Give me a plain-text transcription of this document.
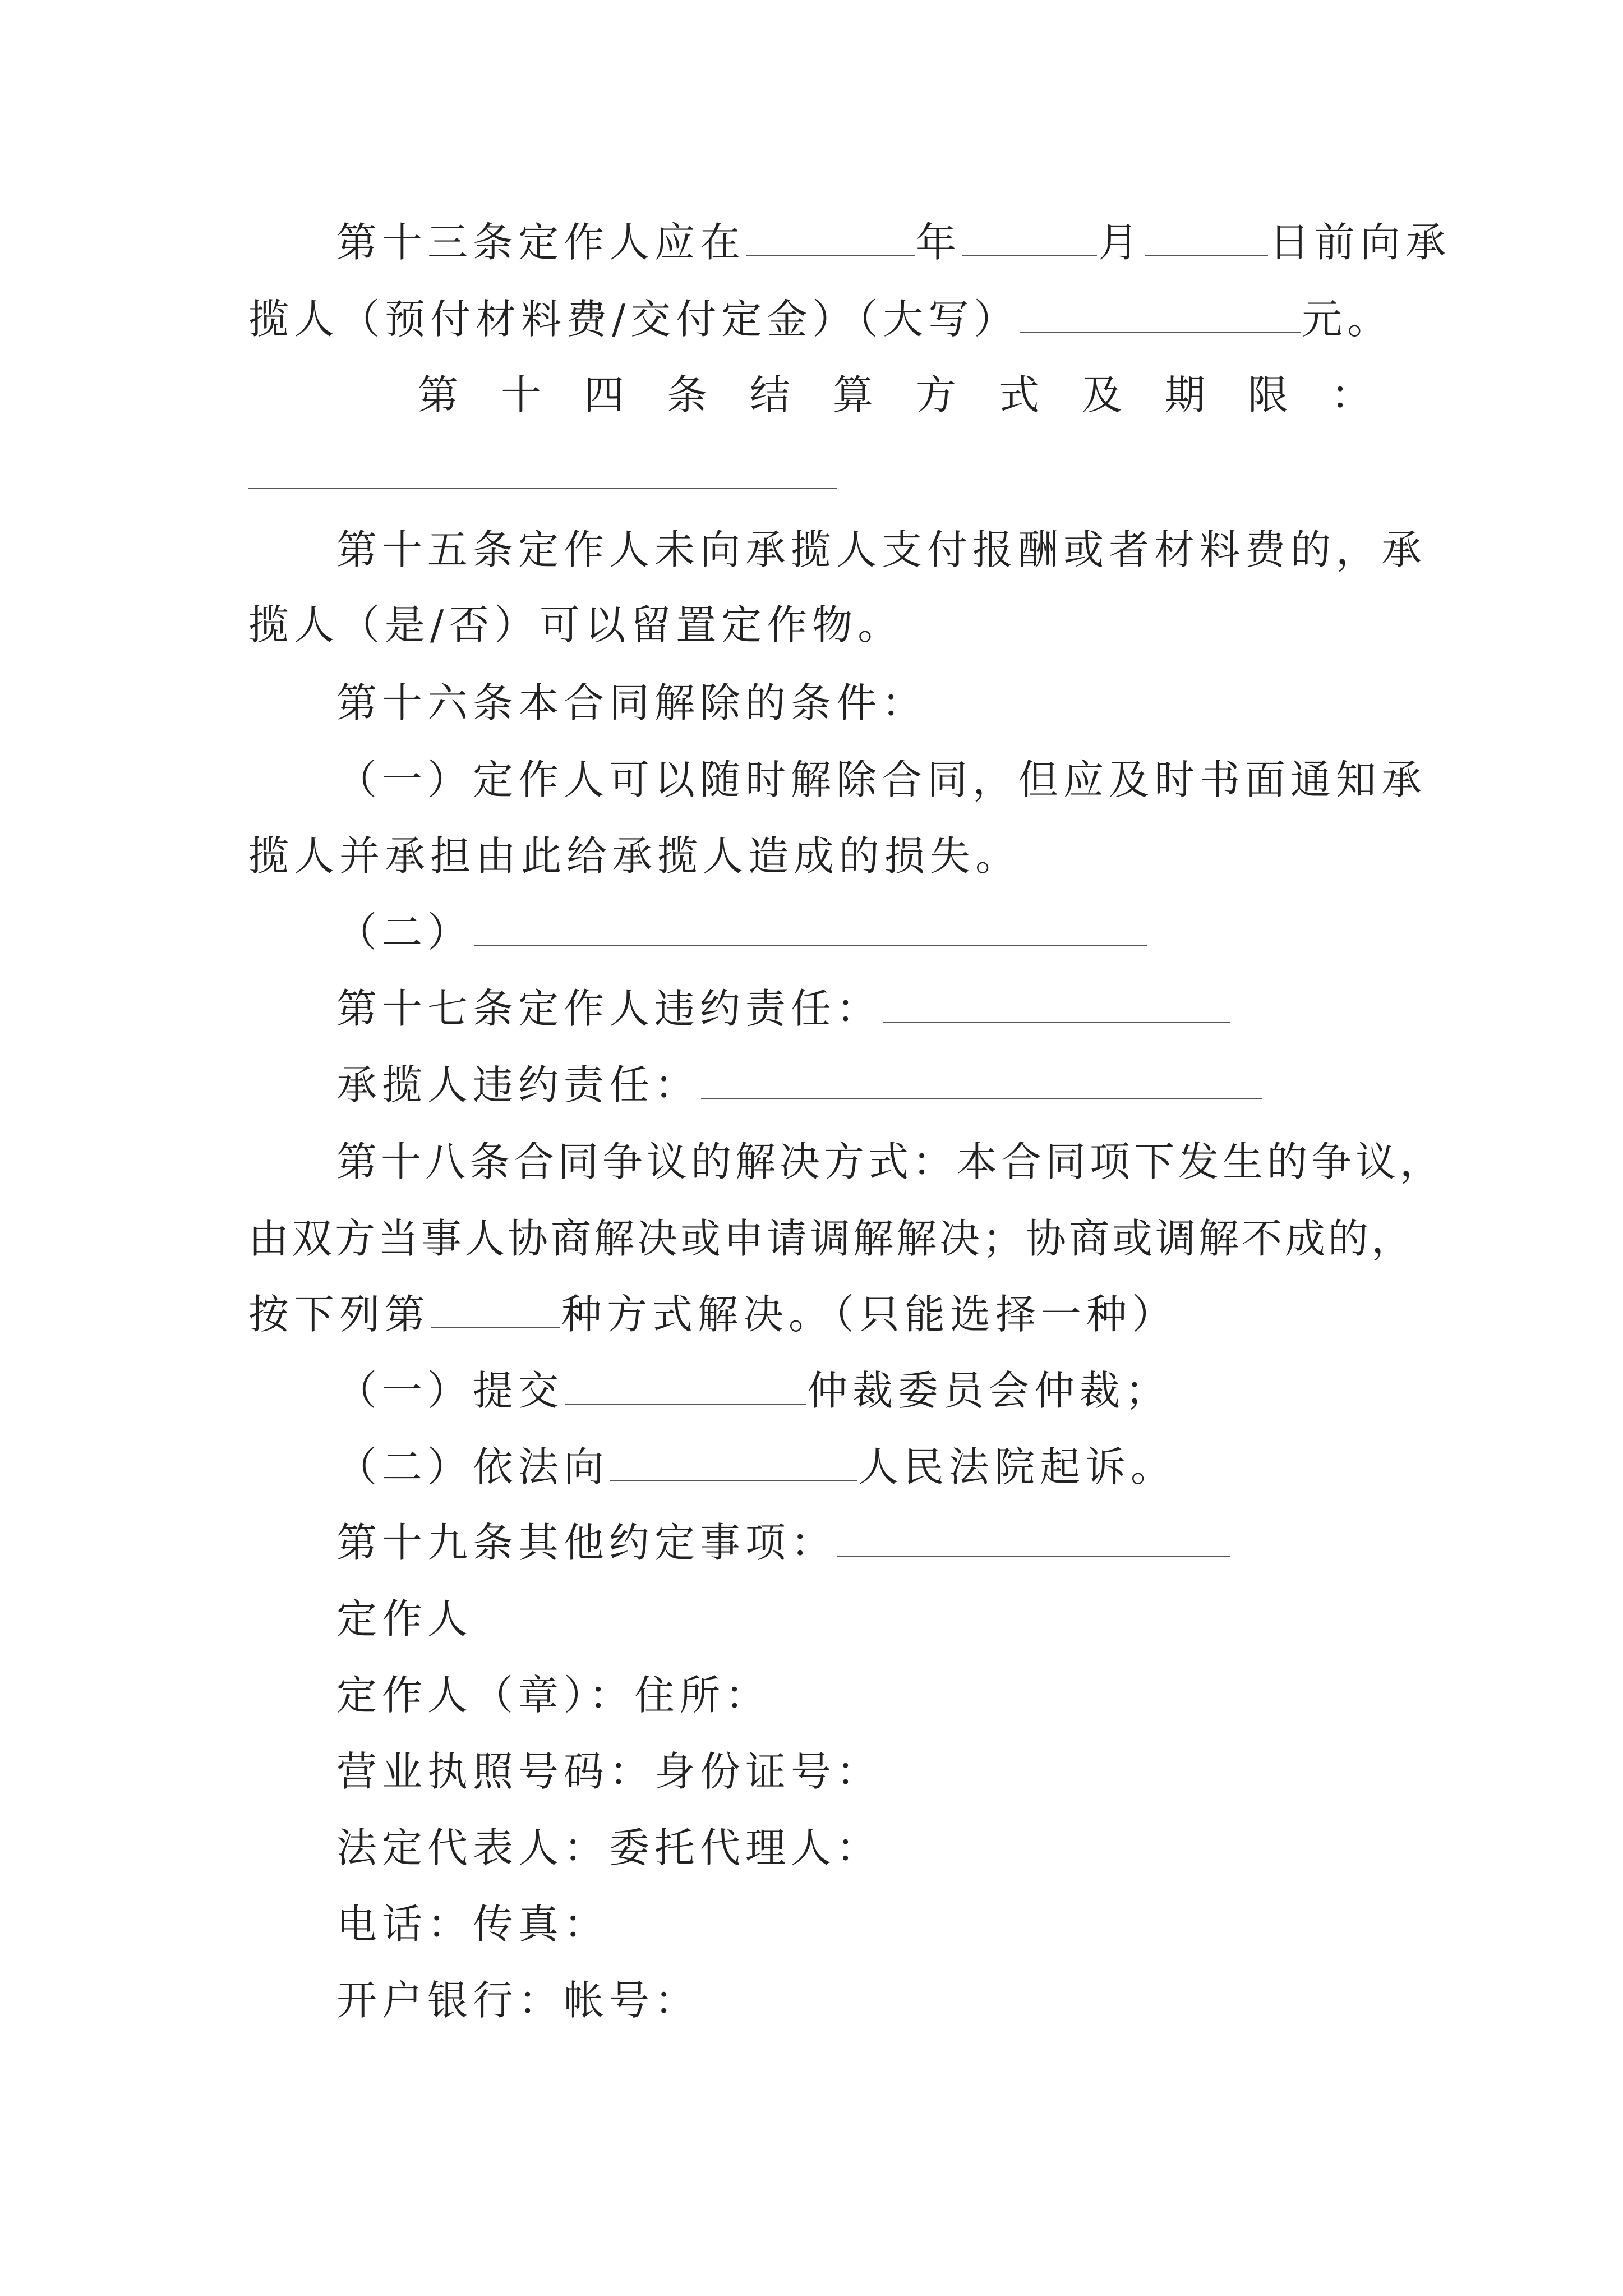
第十三条定作人应在	年	月	日前向承
揽人（预付材料费/交付定金）（大写）	元。
第十四条结算方式及期限：
第十五条定作人未向承揽人支付报酬或者材料费的，承
揽人（是/否）可以留置定作物。
第十六条本合同解除的条件：
（一）定作人可以随时解除合同，但应及时书面通知承
揽人并承担由此给承揽人造成的损失。
（二）
第十七条定作人违约责任：
承揽人违约责任：
第十八条合同争议的解决方式：本合同项下发生的争议，
由双方当事人协商解决或申请调解解决；协商或调解不成的，
按下列第	种方式解决。（只能选择一种）
（一）提交	仲裁委员会仲裁；
（二）依法向	人民法院起诉。
第十九条其他约定事项：
定作人
定作人（章）：住所：
营业执照号码：身份证号：
法定代表人：委托代理人：
电话：传真：
开户银行：帐号：
